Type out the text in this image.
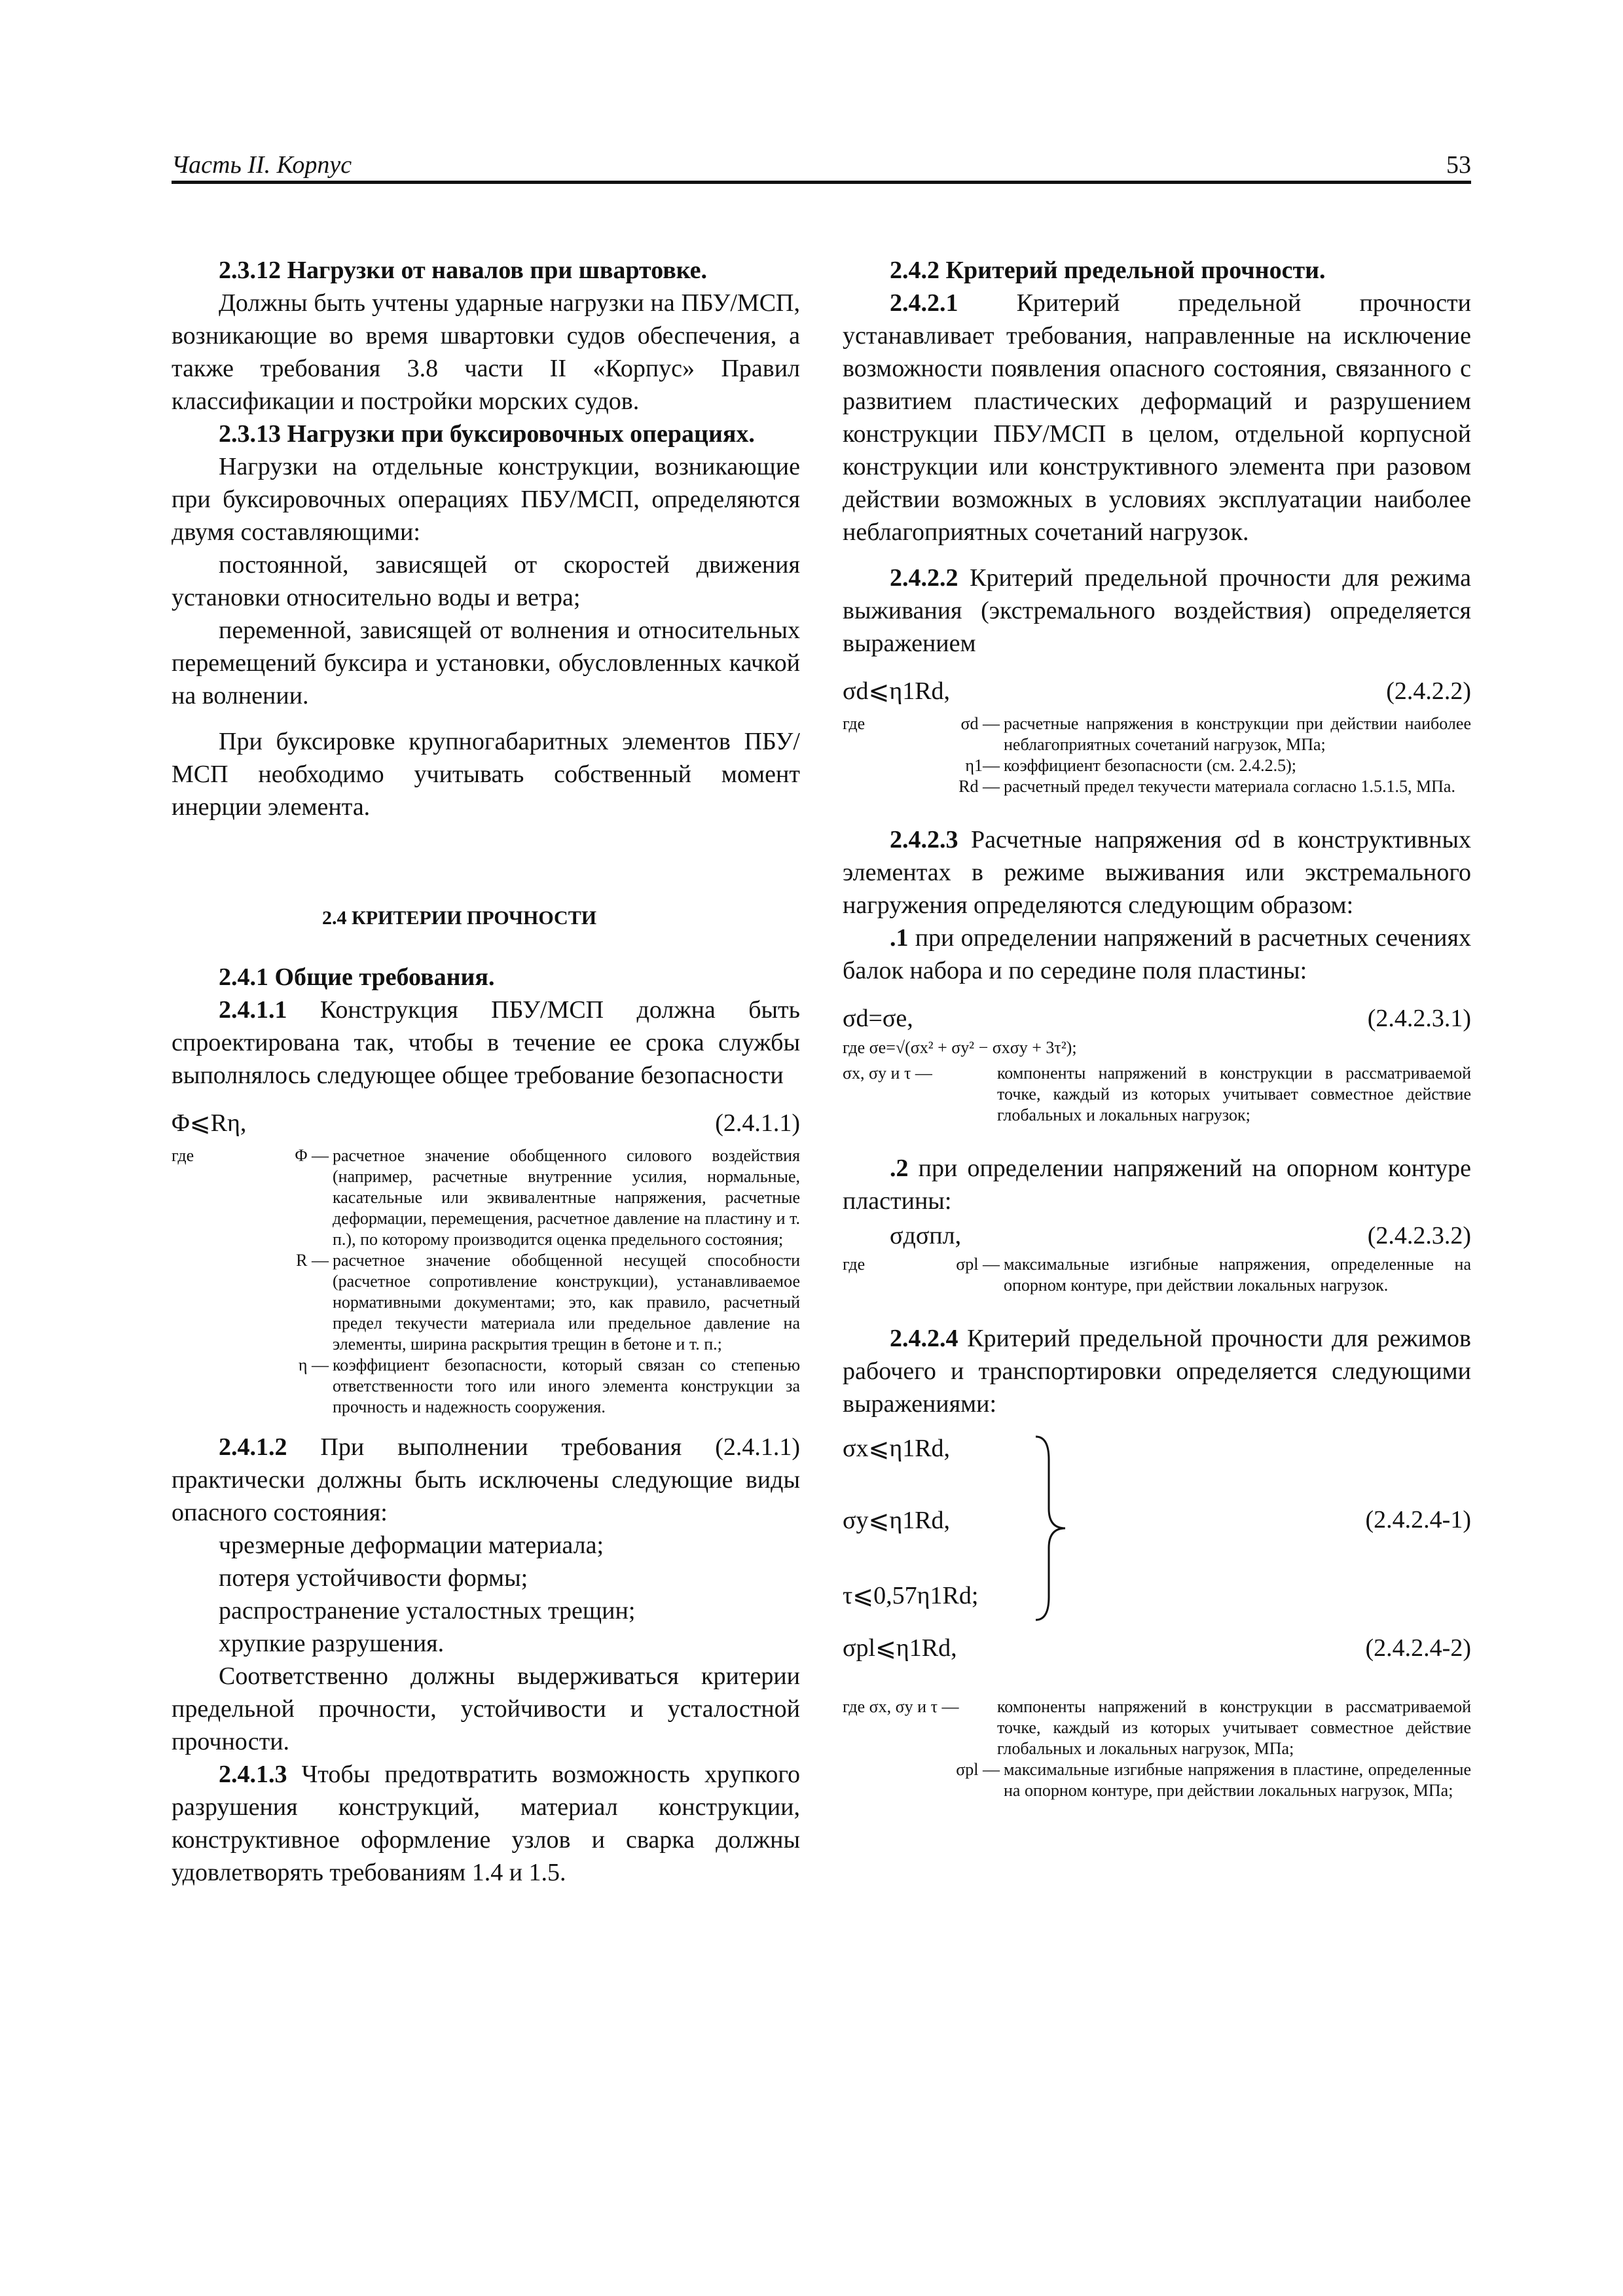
Часть II. Корпус	53

2.3.12 Нагрузки от навалов при швартовке.

Должны быть учтены ударные нагрузки на ПБУ/МСП, возникающие во время швартовки судов обеспечения, а также требования 3.8 части II «Корпус» Правил классификации и постройки морских судов.

2.3.13 Нагрузки при буксировочных операциях.

Нагрузки на отдельные конструкции, возникающие при буксировочных операциях ПБУ/МСП, определяются двумя составляющими:

постоянной, зависящей от скоростей движения установки относительно воды и ветра;

переменной, зависящей от волнения и относительных перемещений буксира и установки, обусловленных качкой на волнении.

При буксировке крупногабаритных элементов ПБУ/МСП необходимо учитывать собственный момент инерции элемента.

2.4 КРИТЕРИИ ПРОЧНОСТИ

2.4.1 Общие требования.

2.4.1.1 Конструкция ПБУ/МСП должна быть спроектирована так, чтобы в течение ее срока службы выполнялось следующее общее требование безопасности

Φ⩽Rη,	(2.4.1.1)
где	Φ — расчетное значение обобщенного силового воздействия (например, расчетные внутренние усилия, нормальные, касательные или эквивалентные напряжения, расчетные деформации, перемещения, расчетное давление на пластину и т. п.), по которому производится оценка предельного состояния;
R — расчетное значение обобщенной несущей способности (расчетное сопротивление конструкции), устанавливаемое нормативными документами; это, как правило, расчетный предел текучести материала или предельное давление на элементы, ширина раскрытия трещин в бетоне и т. п.;
η — коэффициент безопасности, который связан со степенью ответственности того или иного элемента конструкции за прочность и надежность сооружения.

2.4.1.2 При выполнении требования (2.4.1.1) практически должны быть исключены следующие виды опасного состояния:

чрезмерные деформации материала;

потеря устойчивости формы;

распространение усталостных трещин;

хрупкие разрушения.

Соответственно должны выдерживаться критерии предельной прочности, устойчивости и усталостной прочности.

2.4.1.3 Чтобы предотвратить возможность хрупкого разрушения конструкций, материал конструкции, конструктивное оформление узлов и сварка должны удовлетворять требованиям 1.4 и 1.5.

2.4.2 Критерий предельной прочности.

2.4.2.1 Критерий предельной прочности устанавливает требования, направленные на исключение возможности появления опасного состояния, связанного с развитием пластических деформаций и разрушением конструкции ПБУ/МСП в целом, отдельной корпусной конструкции или конструктивного элемента при разовом действии возможных в условиях эксплуатации наиболее неблагоприятных сочетаний нагрузок.

2.4.2.2 Критерий предельной прочности для режима выживания (экстремального воздействия) определяется выражением

σd⩽η1Rd,	(2.4.2.2)
где	σd — расчетные напряжения в конструкции при действии наиболее неблагоприятных сочетаний нагрузок, МПа;
η1— коэффициент безопасности (см. 2.4.2.5);
Rd — расчетный предел текучести материала согласно 1.5.1.5, МПа.

2.4.2.3 Расчетные напряжения σd в конструктивных элементах в режиме выживания или экстремального нагружения определяются следующим образом:

.1 при определении напряжений в расчетных сечениях балок набора и по середине поля пластины:

σd=σe,	(2.4.2.3.1)
где σe=√(σx² + σy² − σxσy + 3τ²);
σx, σy и τ —	компоненты напряжений в конструкции в рассматриваемой точке, каждый из которых учитывает совместное действие глобальных и локальных нагрузок;

.2 при определении напряжений на опорном контуре пластины:

σдσпл,	(2.4.2.3.2)
где	σpl — максимальные изгибные напряжения, определенные на опорном контуре, при действии локальных нагрузок.

2.4.2.4 Критерий предельной прочности для режимов рабочего и транспортировки определяется следующими выражениями:

σx⩽η1Rd,
σy⩽η1Rd,
τ⩽0,57η1Rd;
(2.4.2.4-1)
σpl⩽η1Rd,	(2.4.2.4-2)
где σx, σy и τ —	компоненты напряжений в конструкции в рассматриваемой точке, каждый из которых учитывает совместное действие глобальных и локальных нагрузок, МПа;
σpl — максимальные изгибные напряжения в пластине, определенные на опорном контуре, при действии локальных нагрузок, МПа;
